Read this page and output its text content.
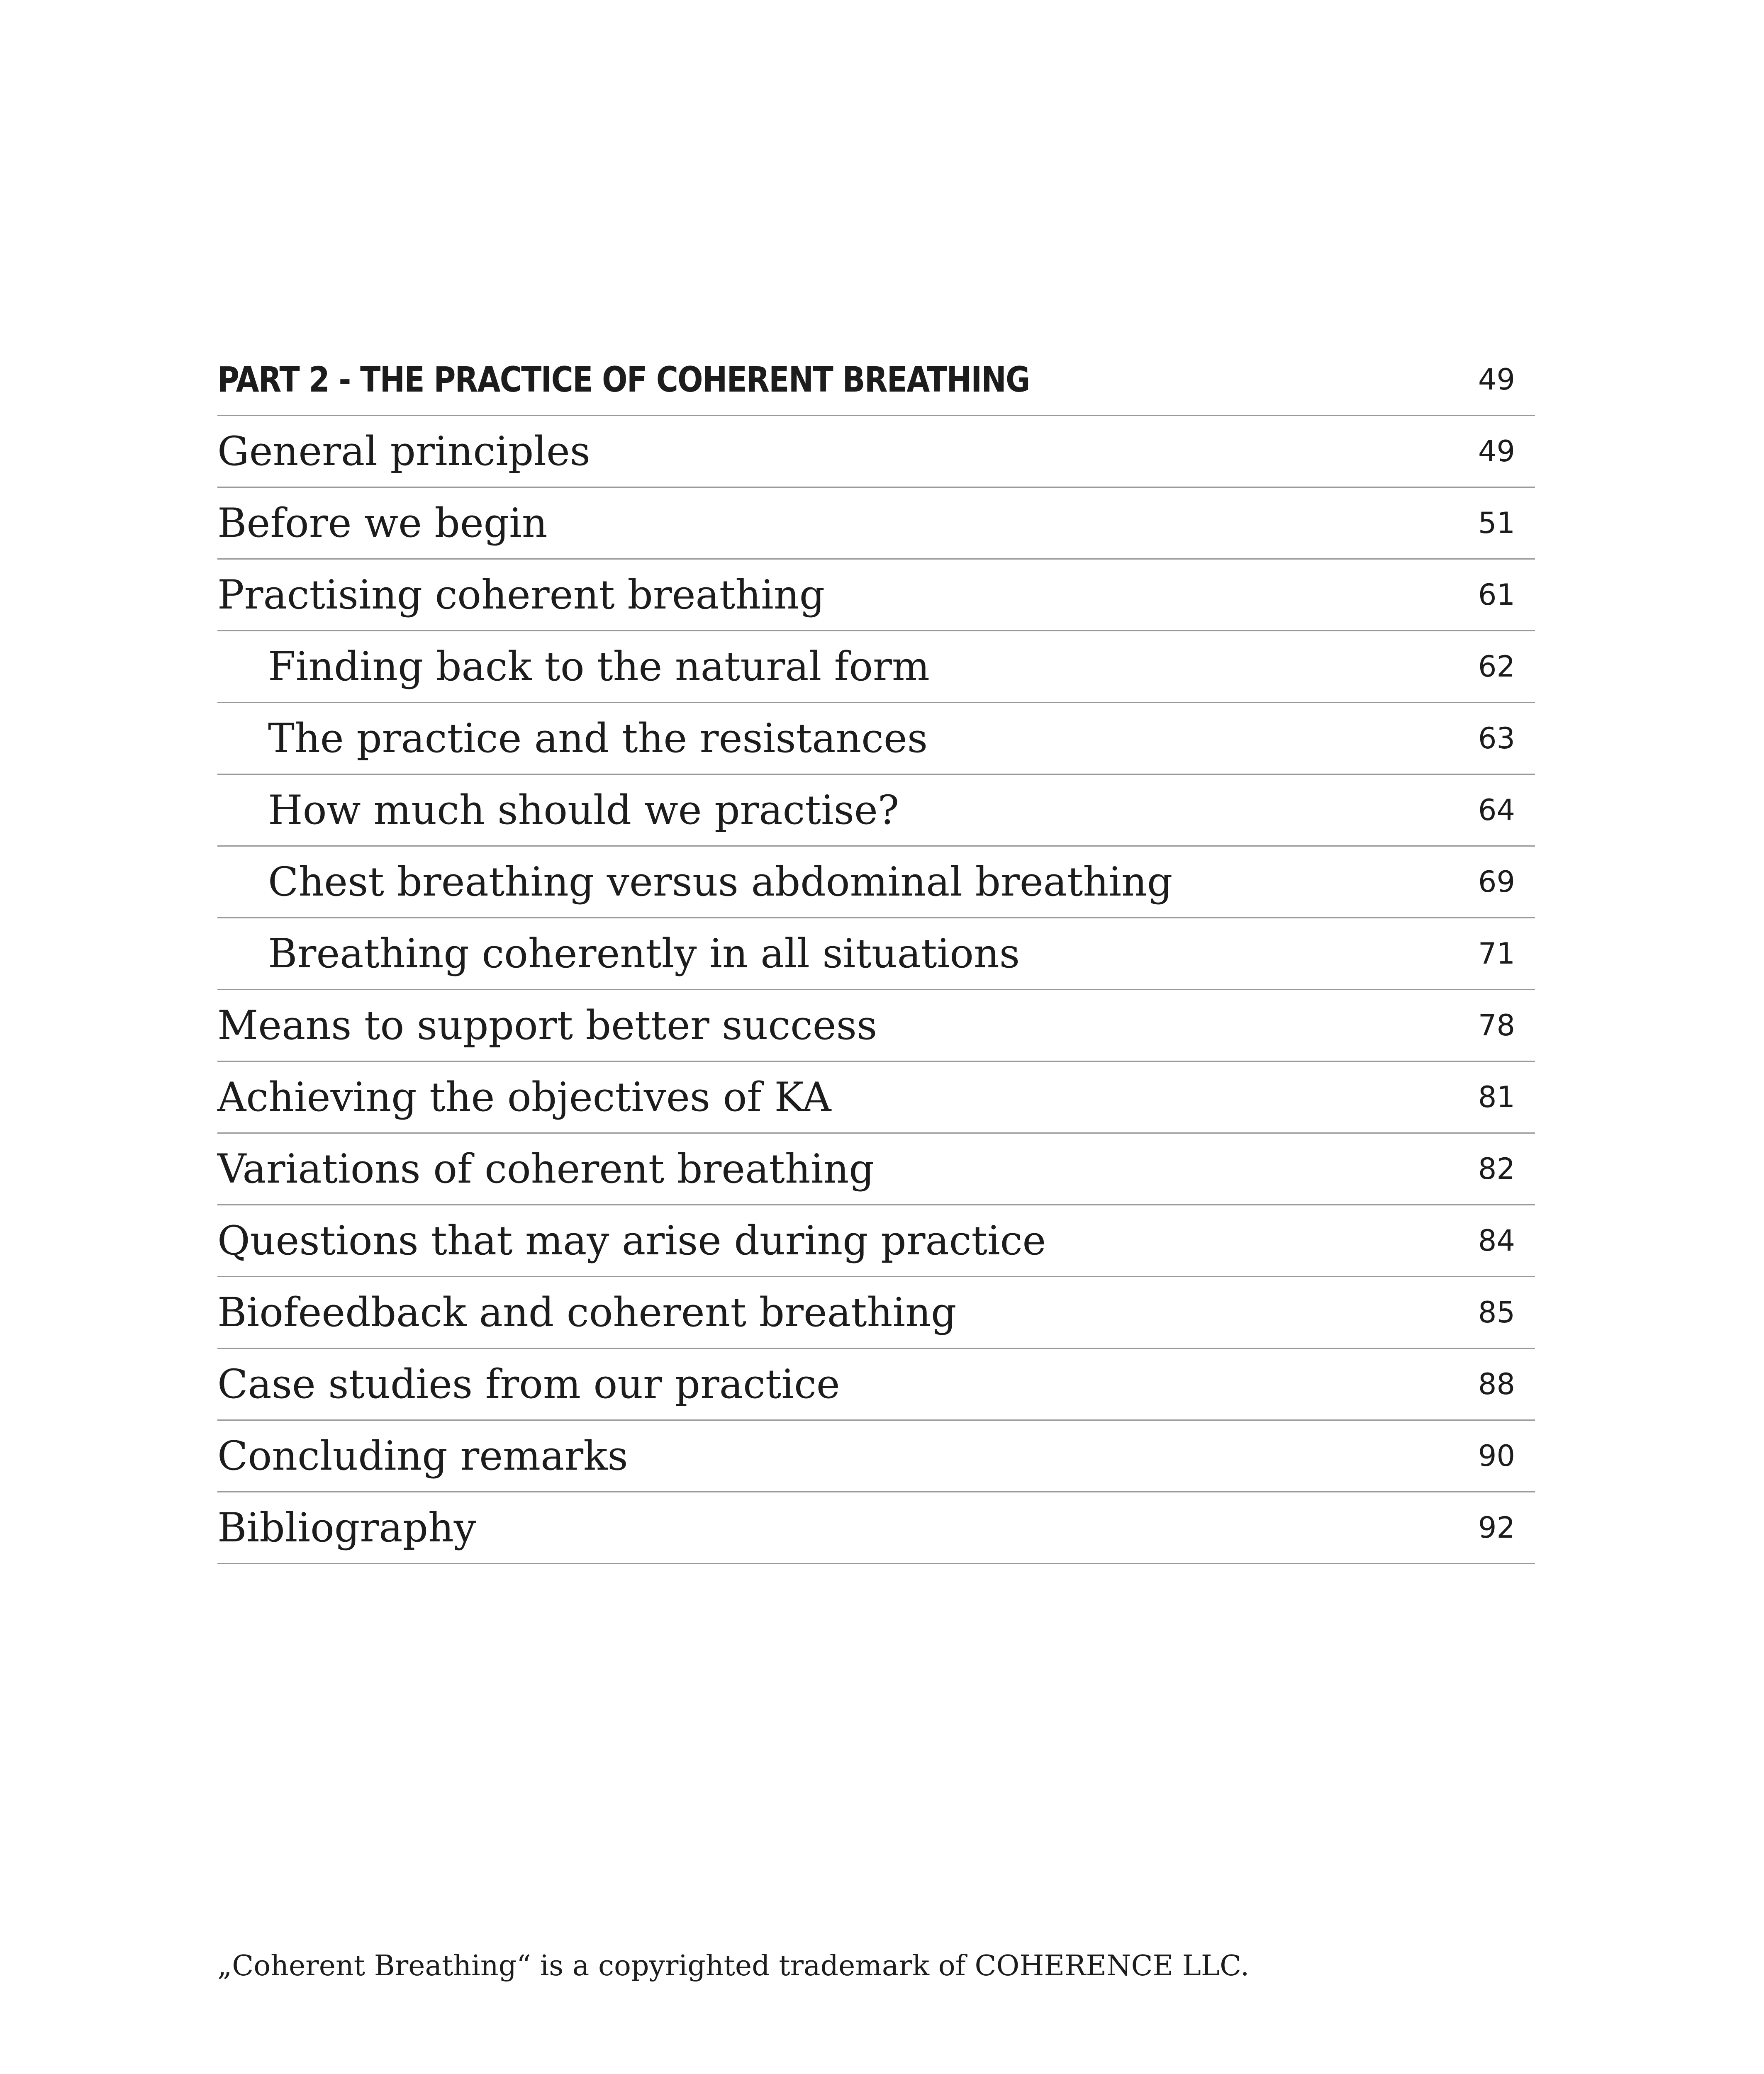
PART 2 - THE PRACTICE OF COHERENT BREATHING	49
General principles	49
Before we begin	51
Practising coherent breathing	61
Finding back to the natural form	62
The practice and the resistances	63
How much should we practise?	64
Chest breathing versus abdominal breathing	69
Breathing coherently in all situations	71
Means to support better success	78
Achieving the objectives of KA	81
Variations of coherent breathing	82
Questions that may arise during practice	84
Biofeedback and coherent breathing	85
Case studies from our practice	88
Concluding remarks	90
Bibliography	92
„Coherent Breathing“ is a copyrighted trademark of COHERENCE LLC.
